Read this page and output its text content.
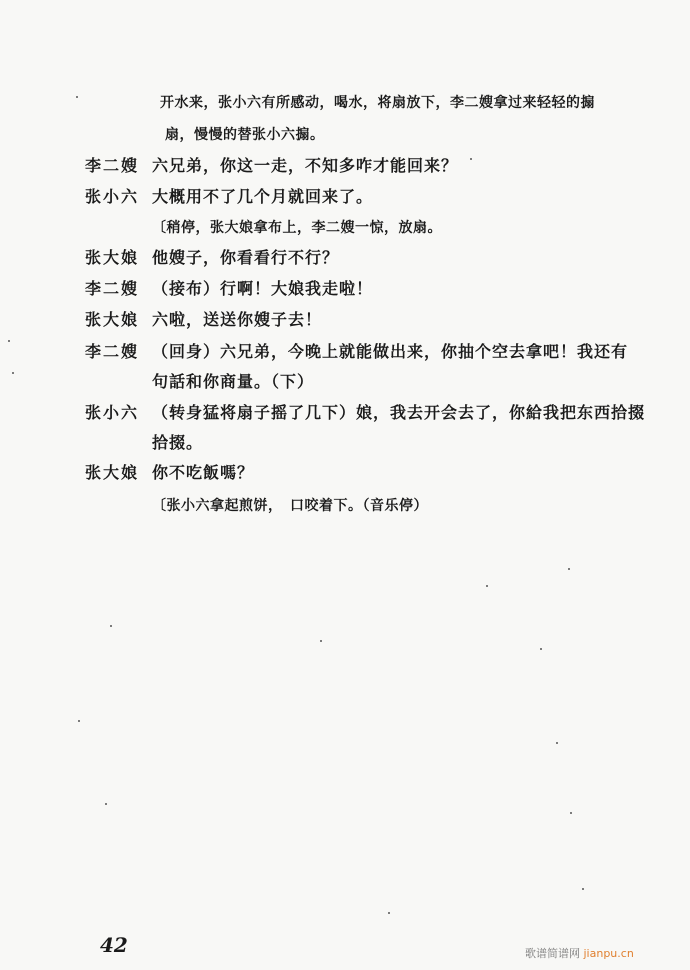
开水来，张小六有所感动，喝水，将扇放下，李二嫂拿过来轻轻的搧
扇，慢慢的替张小六搧。
李二嫂 六兄弟，你这一走，不知多咋才能回来？
张小六 大概用不了几个月就回来了。
〔稍停，张大娘拿布上，李二嫂一惊，放扇。
张大娘 他嫂子，你看看行不行？
李二嫂 （接布）行啊！大娘我走啦！
张大娘 六啦，送送你嫂子去！
李二嫂 （回身）六兄弟，今晚上就能做出来，你抽个空去拿吧！我还有
句話和你商量。（下）
张小六 （转身猛将扇子摇了几下）娘，我去开会去了，你給我把东西拾掇
拾掇。
张大娘 你不吃飯嗎？
〔张小六拿起煎饼，　口咬着下。（音乐停）
42	歌谱简谱网 jianpu.cn
